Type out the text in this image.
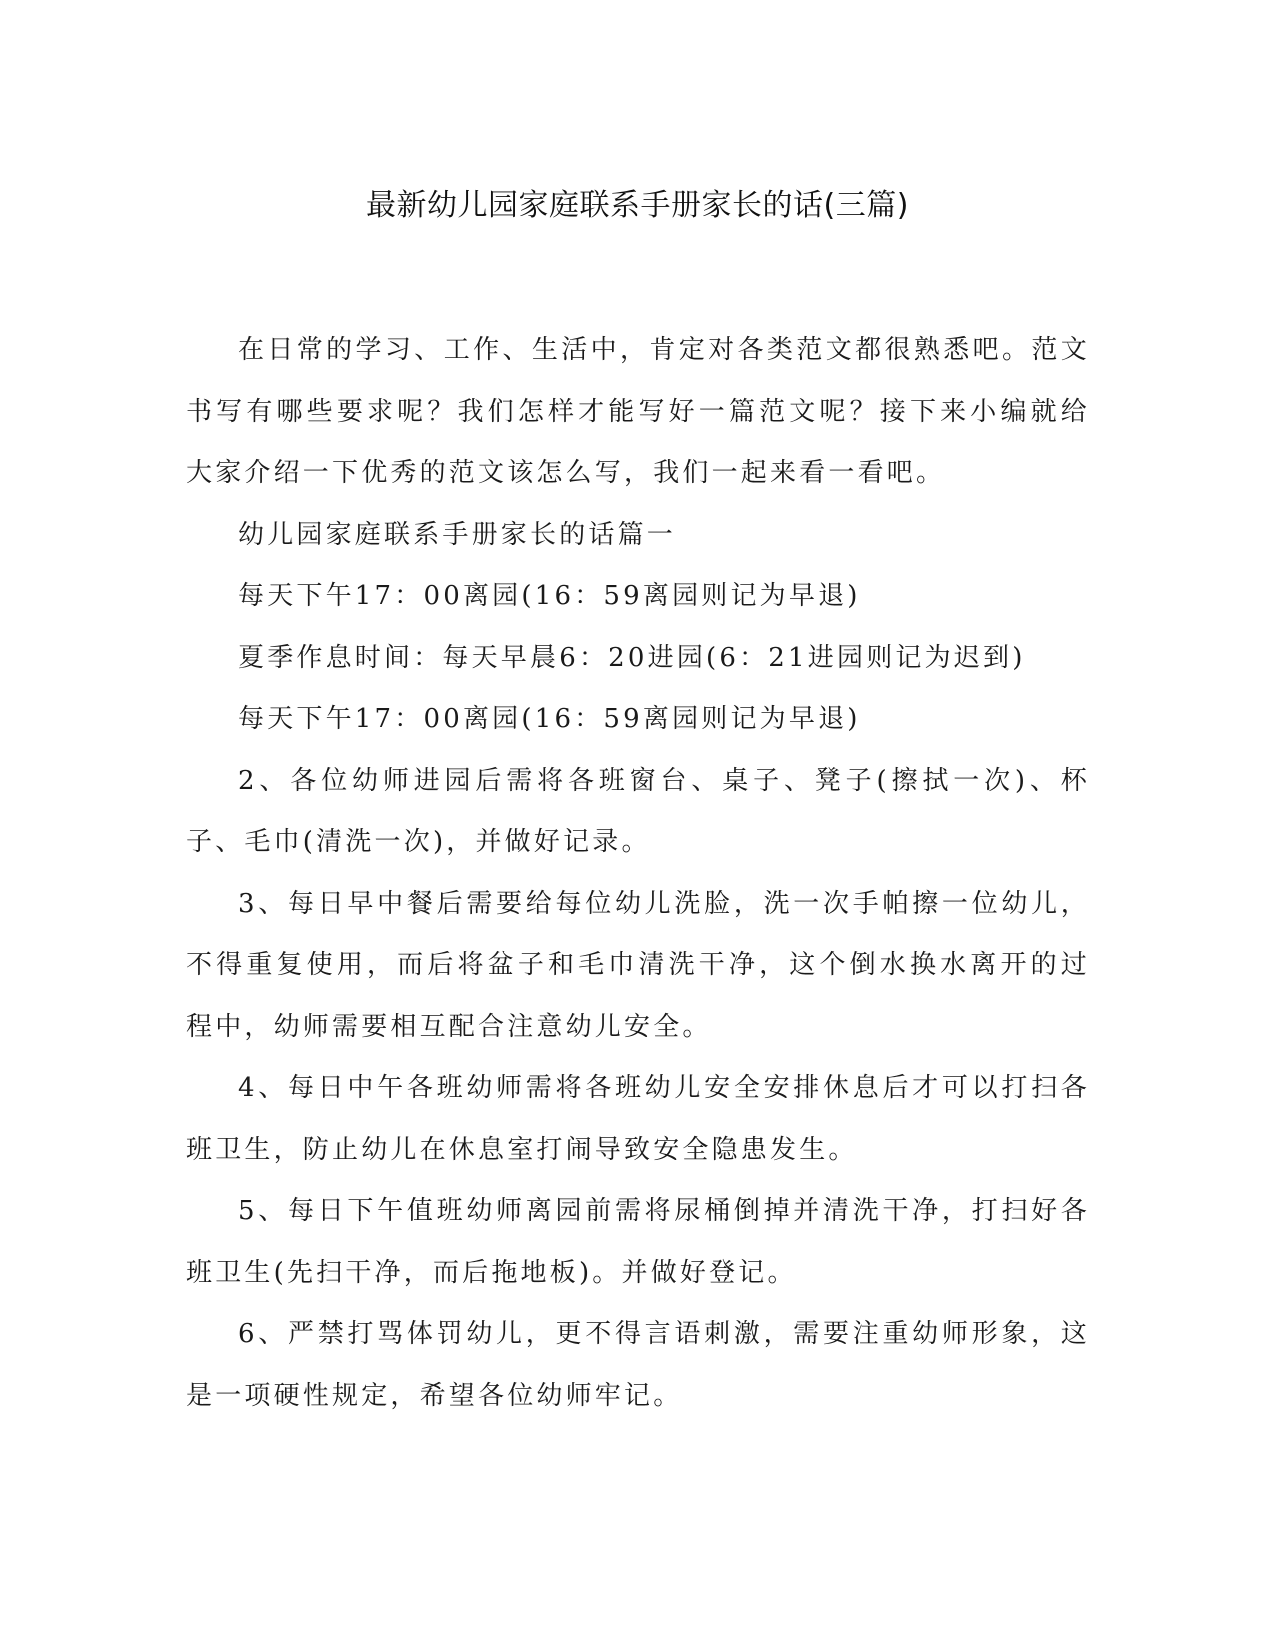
最新幼儿园家庭联系手册家长的话(三篇)

在日常的学习、工作、生活中，肯定对各类范文都很熟悉吧。范文书写有哪些要求呢？我们怎样才能写好一篇范文呢？接下来小编就给大家介绍一下优秀的范文该怎么写，我们一起来看一看吧。

幼儿园家庭联系手册家长的话篇一

每天下午17：00离园(16：59离园则记为早退)

夏季作息时间：每天早晨6：20进园(6：21进园则记为迟到)

每天下午17：00离园(16：59离园则记为早退)

2、各位幼师进园后需将各班窗台、桌子、凳子(擦拭一次)、杯子、毛巾(清洗一次)，并做好记录。

3、每日早中餐后需要给每位幼儿洗脸，洗一次手帕擦一位幼儿，不得重复使用，而后将盆子和毛巾清洗干净，这个倒水换水离开的过程中，幼师需要相互配合注意幼儿安全。

4、每日中午各班幼师需将各班幼儿安全安排休息后才可以打扫各班卫生，防止幼儿在休息室打闹导致安全隐患发生。

5、每日下午值班幼师离园前需将尿桶倒掉并清洗干净，打扫好各班卫生(先扫干净，而后拖地板)。并做好登记。

6、严禁打骂体罚幼儿，更不得言语刺激，需要注重幼师形象，这是一项硬性规定，希望各位幼师牢记。
